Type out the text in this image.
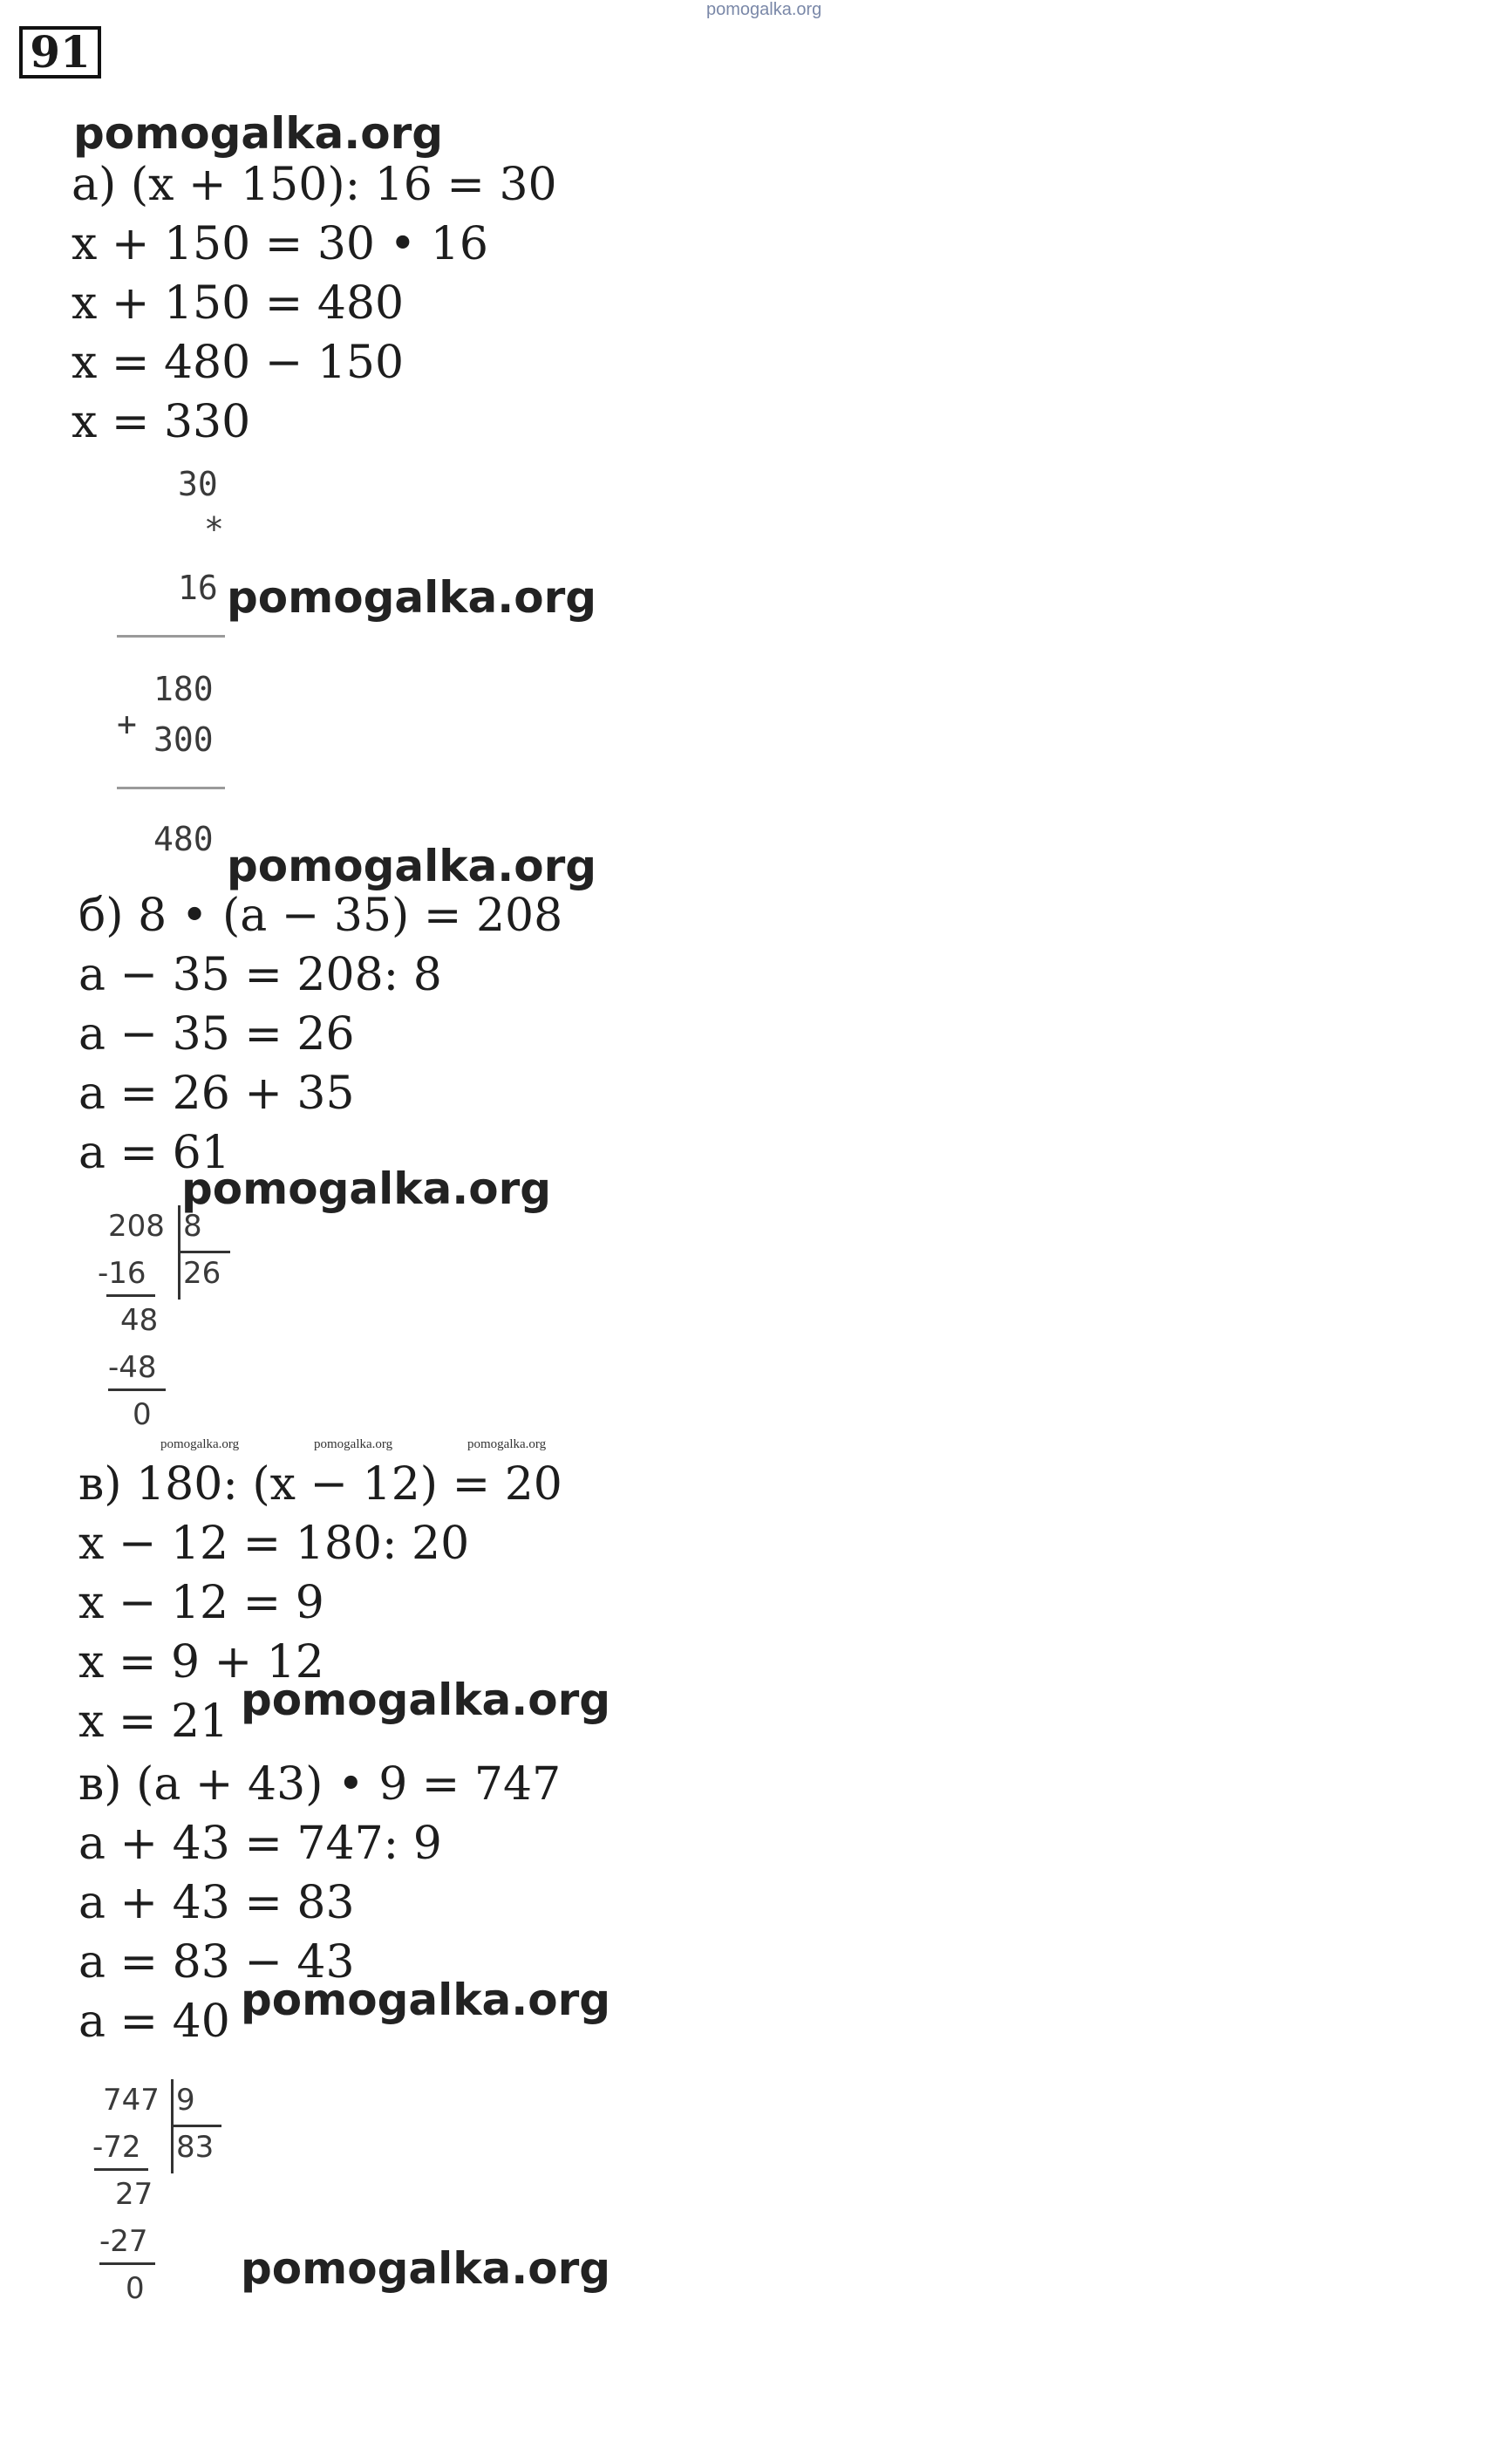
91
pomogalka.org
pomogalka.org
а) (x + 150): 16 = 30
x + 150 = 30 • 16
x + 150 = 480
x = 480 − 150
x = 330
30
*
16
+
180
300
480
pomogalka.org
pomogalka.org
б) 8 • (a − 35) = 208
a − 35 = 208: 8
a − 35 = 26
a = 26 + 35
a = 61
pomogalka.org
208 8
-16 26
48
-48
0
pomogalka.org	pomogalka.org	pomogalka.org
в) 180: (x − 12) = 20
x − 12 = 180: 20
x − 12 = 9
x = 9 + 12
x = 21 pomogalka.org
в) (a + 43) • 9 = 747
a + 43 = 747: 9
a + 43 = 83
a = 83 − 43
a = 40 pomogalka.org
747 9
-72 83
27
-27
0 pomogalka.org
